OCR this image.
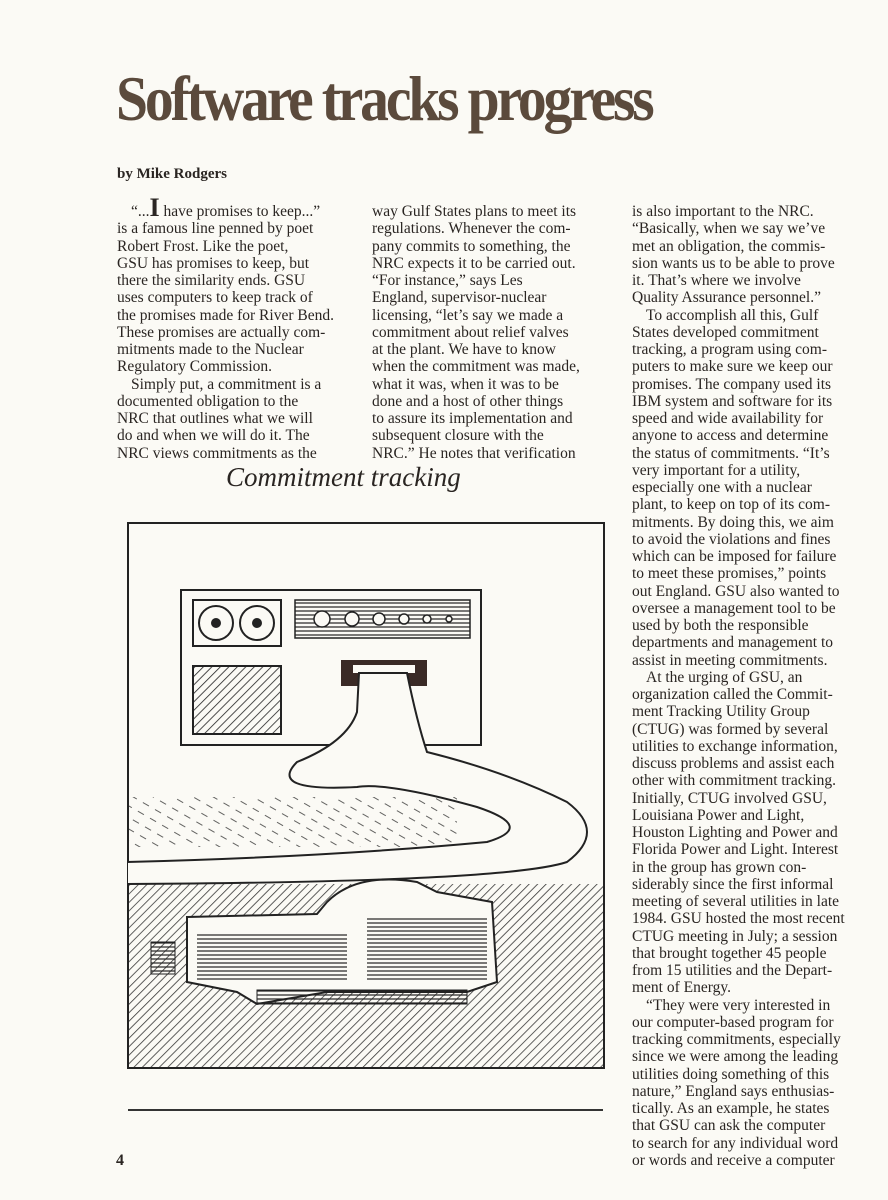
Software tracks progress
by Mike Rodgers
“...I have promises to keep...”
is a famous line penned by poet
Robert Frost. Like the poet,
GSU has promises to keep, but
there the similarity ends. GSU
uses computers to keep track of
the promises made for River Bend.
These promises are actually com-
mitments made to the Nuclear
Regulatory Commission.
Simply put, a commitment is a
documented obligation to the
NRC that outlines what we will
do and when we will do it. The
NRC views commitments as the
way Gulf States plans to meet its
regulations. Whenever the com-
pany commits to something, the
NRC expects it to be carried out.
“For instance,” says Les
England, supervisor-nuclear
licensing, “let’s say we made a
commitment about relief valves
at the plant. We have to know
when the commitment was made,
what it was, when it was to be
done and a host of other things
to assure its implementation and
subsequent closure with the
NRC.” He notes that verification
is also important to the NRC.
“Basically, when we say we’ve
met an obligation, the commis-
sion wants us to be able to prove
it. That’s where we involve
Quality Assurance personnel.”
To accomplish all this, Gulf
States developed commitment
tracking, a program using com-
puters to make sure we keep our
promises. The company used its
IBM system and software for its
speed and wide availability for
anyone to access and determine
the status of commitments. “It’s
very important for a utility,
especially one with a nuclear
plant, to keep on top of its com-
mitments. By doing this, we aim
to avoid the violations and fines
which can be imposed for failure
to meet these promises,” points
out England. GSU also wanted to
oversee a management tool to be
used by both the responsible
departments and management to
assist in meeting commitments.
At the urging of GSU, an
organization called the Commit-
ment Tracking Utility Group
(CTUG) was formed by several
utilities to exchange information,
discuss problems and assist each
other with commitment tracking.
Initially, CTUG involved GSU,
Louisiana Power and Light,
Houston Lighting and Power and
Florida Power and Light. Interest
in the group has grown con-
siderably since the first informal
meeting of several utilities in late
1984. GSU hosted the most recent
CTUG meeting in July; a session
that brought together 45 people
from 15 utilities and the Depart-
ment of Energy.
“They were very interested in
our computer-based program for
tracking commitments, especially
since we were among the leading
utilities doing something of this
nature,” England says enthusias-
tically. As an example, he states
that GSU can ask the computer
to search for any individual word
or words and receive a computer
Commitment tracking
4
